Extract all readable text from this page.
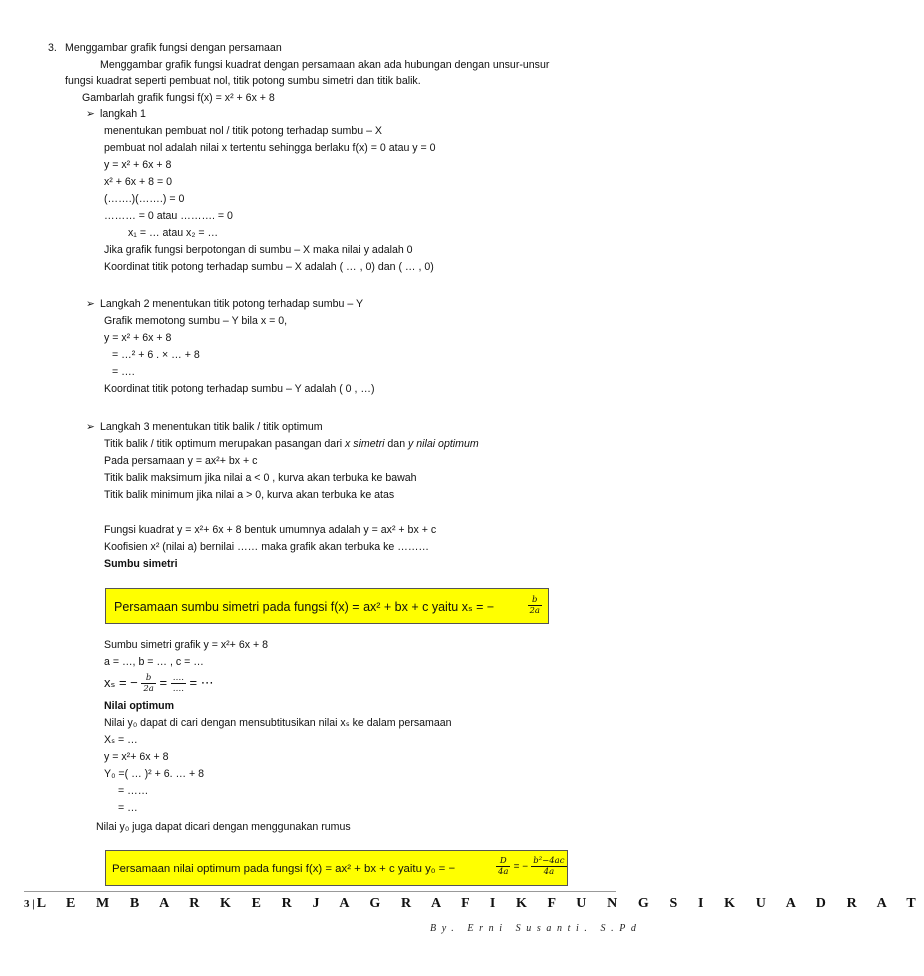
3. Menggambar grafik fungsi dengan persamaan
Menggambar grafik fungsi kuadrat dengan persamaan akan ada hubungan dengan unsur-unsur
fungsi kuadrat seperti pembuat nol, titik potong sumbu simetri dan titik balik.
Gambarlah grafik fungsi f(x) = x² + 6x + 8
➢ langkah 1
menentukan pembuat nol / titik potong terhadap sumbu – X
pembuat nol adalah nilai x tertentu sehingga berlaku f(x) = 0 atau y = 0
y = x² + 6x + 8
x² + 6x + 8 = 0
(…….)(…….) = 0
……… = 0 atau ………. = 0
x₁ = … atau x₂ = …
Jika grafik fungsi berpotongan di sumbu – X maka nilai y adalah 0
Koordinat titik potong terhadap sumbu – X adalah ( … , 0) dan ( … , 0)
➢ Langkah 2 menentukan titik potong terhadap sumbu – Y
Grafik memotong sumbu – Y bila x = 0,
y = x² + 6x + 8
= …² + 6 . × … + 8
= ….
Koordinat titik potong terhadap sumbu – Y adalah ( 0 , …)
➢ Langkah 3 menentukan titik balik / titik optimum
Titik balik / titik optimum merupakan pasangan dari x simetri dan y nilai optimum
Pada persamaan y = ax²+ bx + c
Titik balik maksimum jika nilai a < 0 , kurva akan terbuka ke bawah
Titik balik minimum jika nilai a > 0, kurva akan terbuka ke atas
Fungsi kuadrat y = x²+ 6x + 8 bentuk umumnya adalah y = ax² + bx + c
Koofisien x² (nilai a) bernilai …… maka grafik akan terbuka ke ………
Sumbu simetri
Persamaan sumbu simetri pada fungsi f(x) = ax² + bx + c yaitu xₛ = −	$\frac{b}{2a}$
Sumbu simetri grafik y = x²+ 6x + 8
a = …, b = … , c = …
xₛ = − $\frac{b}{2a} = \frac{\dots.}{\dots.}$ = ⋯
Nilai optimum
Nilai y₀ dapat di cari dengan mensubtitusikan nilai xₛ ke dalam persamaan
Xₛ = …
y = x²+ 6x + 8
Y₀ =( … )² + 6. … + 8
= ……
= …
Nilai y₀ juga dapat dicari dengan menggunakan rumus
Persamaan nilai optimum pada fungsi f(x) = ax² + bx + c yaitu y₀ = −	$\frac{D}{4a}$ = − $\frac{\text{b²−4ac}}{4a}$
3 | L E M B A R K E R J A G R A F I K F U N G S I K U A D R A T
By. Erni Susanti. S.Pd
